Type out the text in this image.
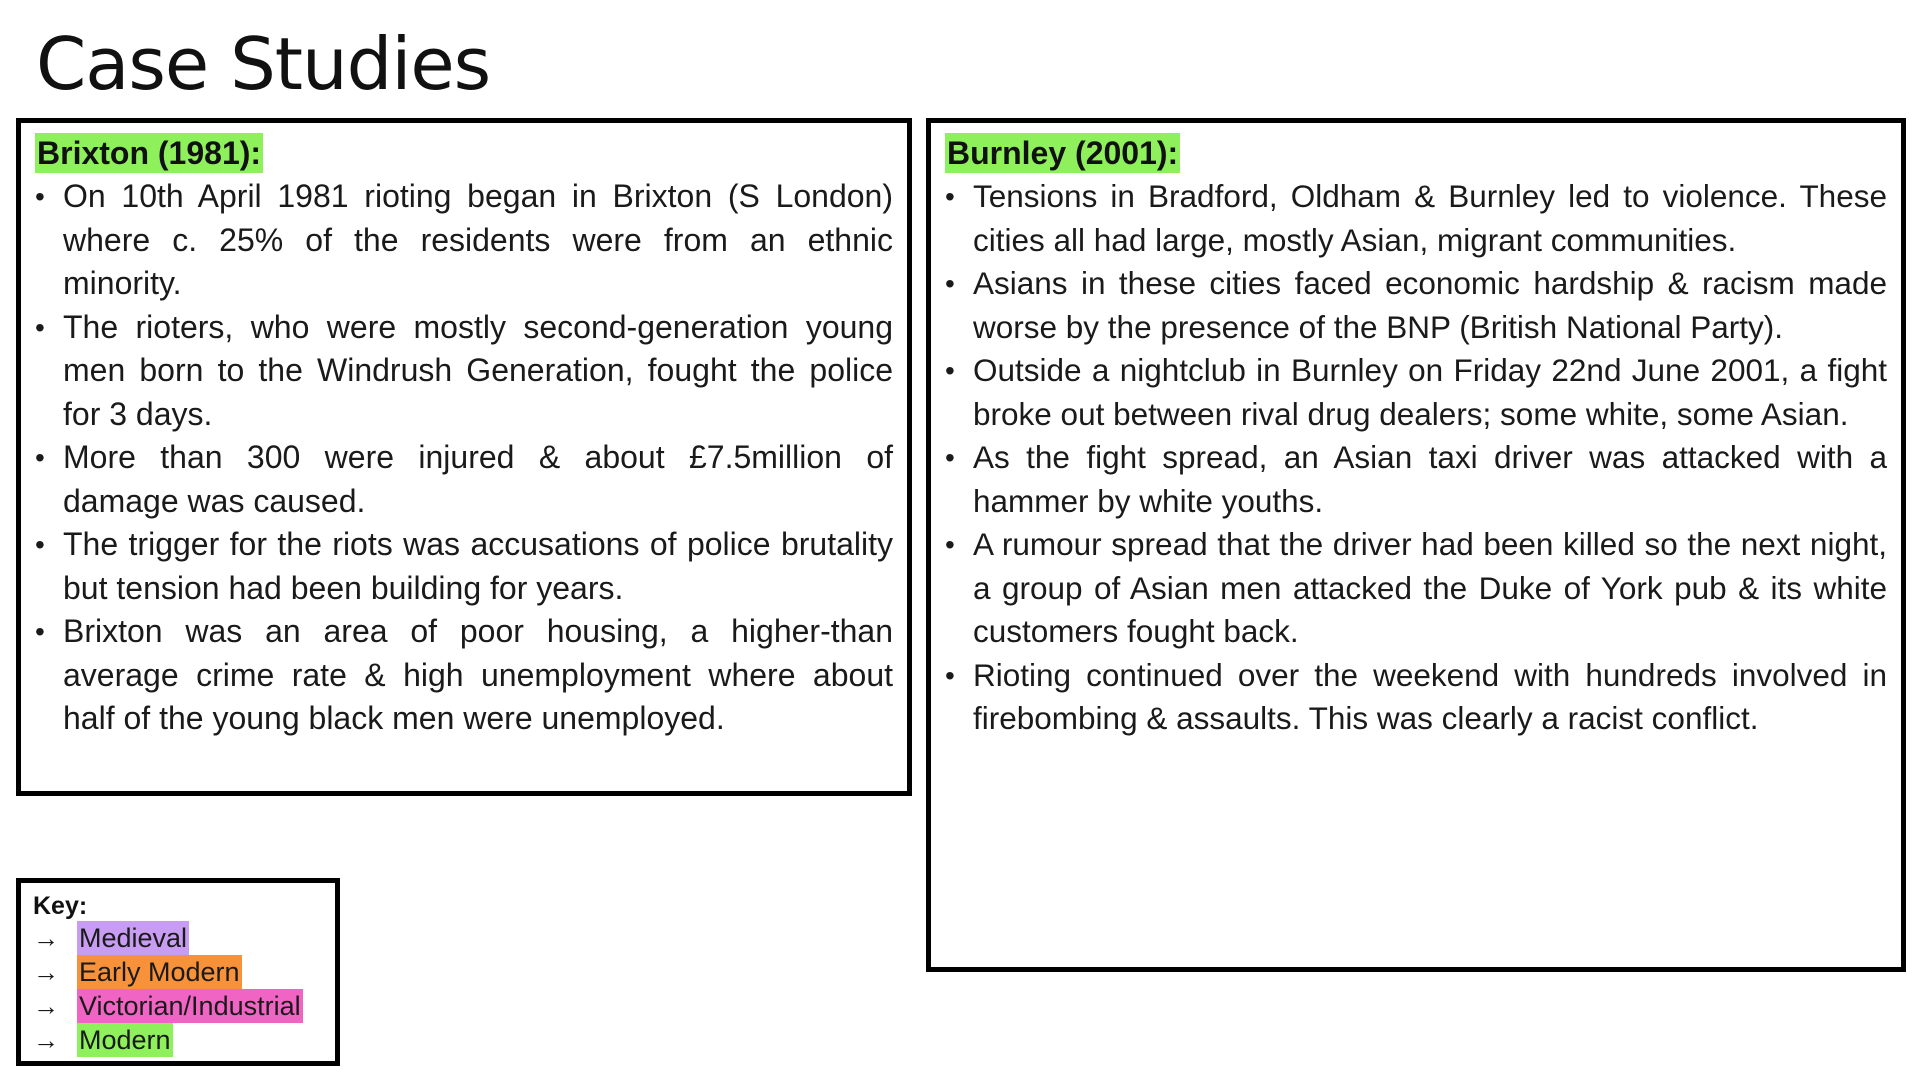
Case Studies
Brixton (1981):
• On 10th April 1981 rioting began in Brixton (S London) where c. 25% of the residents were from an ethnic minority.
• The rioters, who were mostly second-generation young men born to the Windrush Generation, fought the police for 3 days.
• More than 300 were injured & about £7.5million of damage was caused.
• The trigger for the riots was accusations of police brutality but tension had been building for years.
• Brixton was an area of poor housing, a higher-than average crime rate & high unemployment where about half of the young black men were unemployed.
Burnley (2001):
• Tensions in Bradford, Oldham & Burnley led to violence. These cities all had large, mostly Asian, migrant communities.
• Asians in these cities faced economic hardship & racism made worse by the presence of the BNP (British National Party).
• Outside a nightclub in Burnley on Friday 22nd June 2001, a fight broke out between rival drug dealers; some white, some Asian.
• As the fight spread, an Asian taxi driver was attacked with a hammer by white youths.
• A rumour spread that the driver had been killed so the next night, a group of Asian men attacked the Duke of York pub & its white customers fought back.
• Rioting continued over the weekend with hundreds involved in firebombing & assaults. This was clearly a racist conflict.
Key:
→ Medieval
→ Early Modern
→ Victorian/Industrial
→ Modern
